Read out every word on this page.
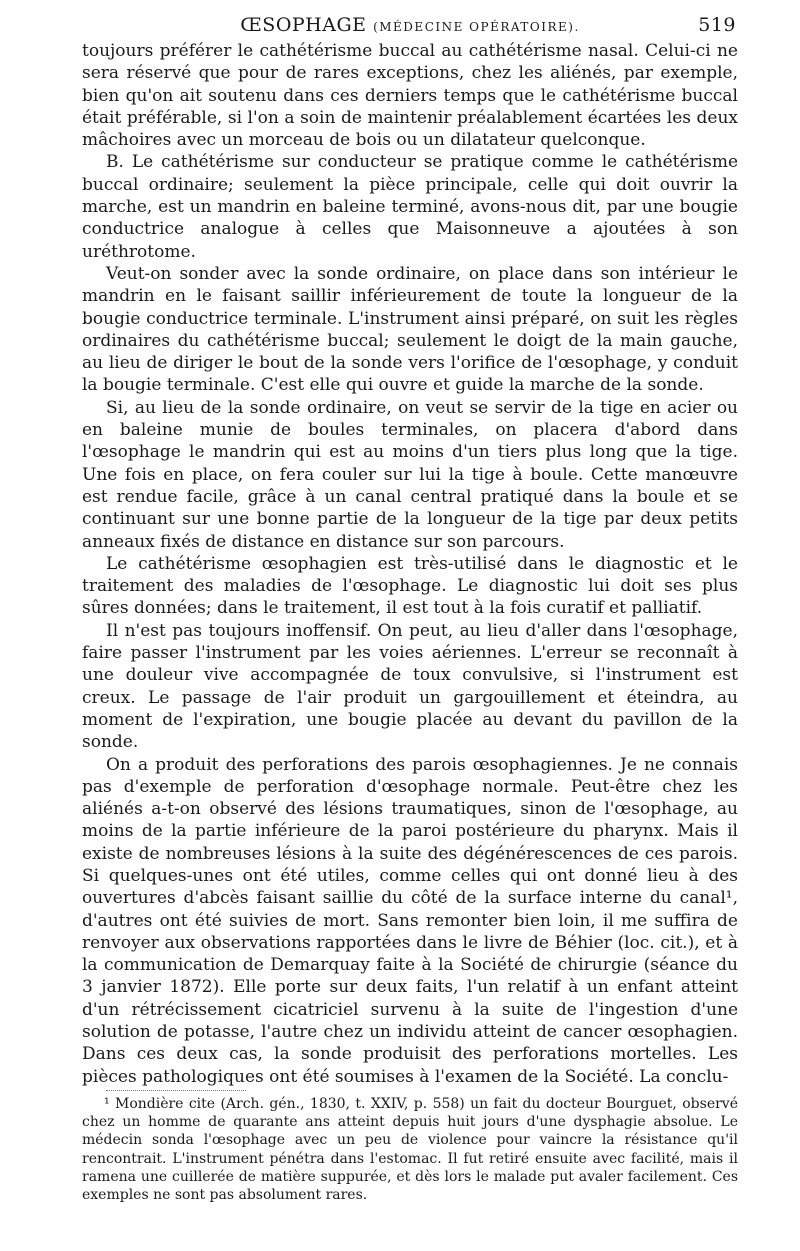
ŒSOPHAGE (MÉDECINE OPÉRATOIRE).	519

toujours préférer le cathétérisme buccal au cathétérisme nasal. Celui-ci ne sera réservé que pour de rares exceptions, chez les aliénés, par exemple, bien qu'on ait soutenu dans ces derniers temps que le cathétérisme buccal était préférable, si l'on a soin de maintenir préalablement écartées les deux mâchoires avec un morceau de bois ou un dilatateur quelconque.

B. Le cathétérisme sur conducteur se pratique comme le cathétérisme buccal ordinaire; seulement la pièce principale, celle qui doit ouvrir la marche, est un mandrin en baleine terminé, avons-nous dit, par une bougie conductrice analogue à celles que Maisonneuve a ajoutées à son uréthrotome.

Veut-on sonder avec la sonde ordinaire, on place dans son intérieur le mandrin en le faisant saillir inférieurement de toute la longueur de la bougie conductrice terminale. L'instrument ainsi préparé, on suit les règles ordinaires du cathétérisme buccal; seulement le doigt de la main gauche, au lieu de diriger le bout de la sonde vers l'orifice de l'œsophage, y conduit la bougie terminale. C'est elle qui ouvre et guide la marche de la sonde.

Si, au lieu de la sonde ordinaire, on veut se servir de la tige en acier ou en baleine munie de boules terminales, on placera d'abord dans l'œsophage le mandrin qui est au moins d'un tiers plus long que la tige. Une fois en place, on fera couler sur lui la tige à boule. Cette manœuvre est rendue facile, grâce à un canal central pratiqué dans la boule et se continuant sur une bonne partie de la longueur de la tige par deux petits anneaux fixés de distance en distance sur son parcours.

Le cathétérisme œsophagien est très-utilisé dans le diagnostic et le traitement des maladies de l'œsophage. Le diagnostic lui doit ses plus sûres données; dans le traitement, il est tout à la fois curatif et palliatif.

Il n'est pas toujours inoffensif. On peut, au lieu d'aller dans l'œsophage, faire passer l'instrument par les voies aériennes. L'erreur se reconnaît à une douleur vive accompagnée de toux convulsive, si l'instrument est creux. Le passage de l'air produit un gargouillement et éteindra, au moment de l'expiration, une bougie placée au devant du pavillon de la sonde.

On a produit des perforations des parois œsophagiennes. Je ne connais pas d'exemple de perforation d'œsophage normale. Peut-être chez les aliénés a-t-on observé des lésions traumatiques, sinon de l'œsophage, au moins de la partie inférieure de la paroi postérieure du pharynx. Mais il existe de nombreuses lésions à la suite des dégénérescences de ces parois. Si quelques-unes ont été utiles, comme celles qui ont donné lieu à des ouvertures d'abcès faisant saillie du côté de la surface interne du canal¹, d'autres ont été suivies de mort. Sans remonter bien loin, il me suffira de renvoyer aux observations rapportées dans le livre de Béhier (loc. cit.), et à la communication de Demarquay faite à la Société de chirurgie (séance du 3 janvier 1872). Elle porte sur deux faits, l'un relatif à un enfant atteint d'un rétrécissement cicatriciel survenu à la suite de l'ingestion d'une solution de potasse, l'autre chez un individu atteint de cancer œsophagien. Dans ces deux cas, la sonde produisit des perforations mortelles. Les pièces pathologiques ont été soumises à l'examen de la Société. La conclu-

¹ Mondière cite (Arch. gén., 1830, t. XXIV, p. 558) un fait du docteur Bourguet, observé chez un homme de quarante ans atteint depuis huit jours d'une dysphagie absolue. Le médecin sonda l'œsophage avec un peu de violence pour vaincre la résistance qu'il rencontrait. L'instrument pénétra dans l'estomac. Il fut retiré ensuite avec facilité, mais il ramena une cuillerée de matière suppurée, et dès lors le malade put avaler facilement. Ces exemples ne sont pas absolument rares.
